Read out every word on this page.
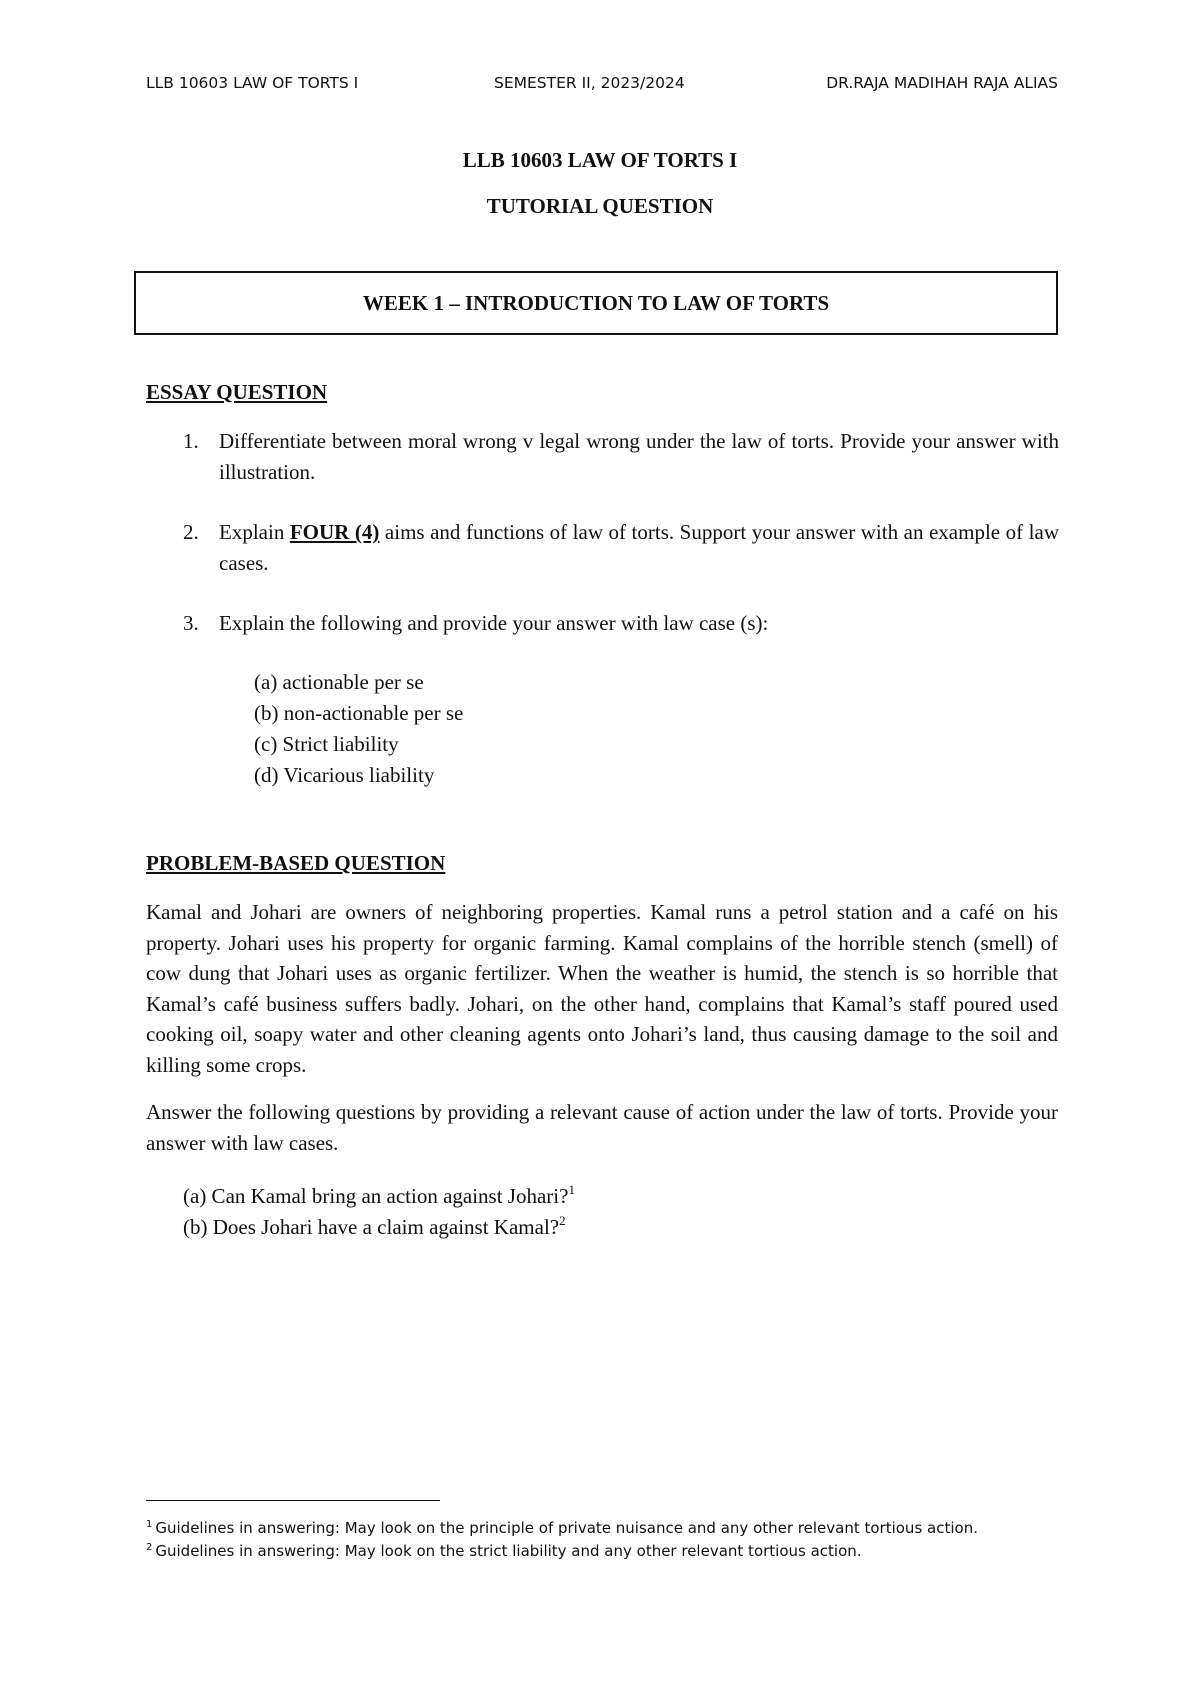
LLB 10603 LAW OF TORTS I	SEMESTER II, 2023/2024	DR.RAJA MADIHAH RAJA ALIAS
LLB 10603 LAW OF TORTS I
TUTORIAL QUESTION
WEEK 1 – INTRODUCTION TO LAW OF TORTS
ESSAY QUESTION
1. Differentiate between moral wrong v legal wrong under the law of torts. Provide your answer with illustration.
2. Explain FOUR (4) aims and functions of law of torts. Support your answer with an example of law cases.
3. Explain the following and provide your answer with law case (s):
(a) actionable per se
(b) non-actionable per se
(c) Strict liability
(d) Vicarious liability
PROBLEM-BASED QUESTION
Kamal and Johari are owners of neighboring properties. Kamal runs a petrol station and a café on his property. Johari uses his property for organic farming. Kamal complains of the horrible stench (smell) of cow dung that Johari uses as organic fertilizer. When the weather is humid, the stench is so horrible that Kamal’s café business suffers badly. Johari, on the other hand, complains that Kamal’s staff poured used cooking oil, soapy water and other cleaning agents onto Johari’s land, thus causing damage to the soil and killing some crops.
Answer the following questions by providing a relevant cause of action under the law of torts. Provide your answer with law cases.
(a) Can Kamal bring an action against Johari?$^1$
(b) Does Johari have a claim against Kamal?$^2$
$^1$ Guidelines in answering: May look on the principle of private nuisance and any other relevant tortious action.
$^2$ Guidelines in answering: May look on the strict liability and any other relevant tortious action.
